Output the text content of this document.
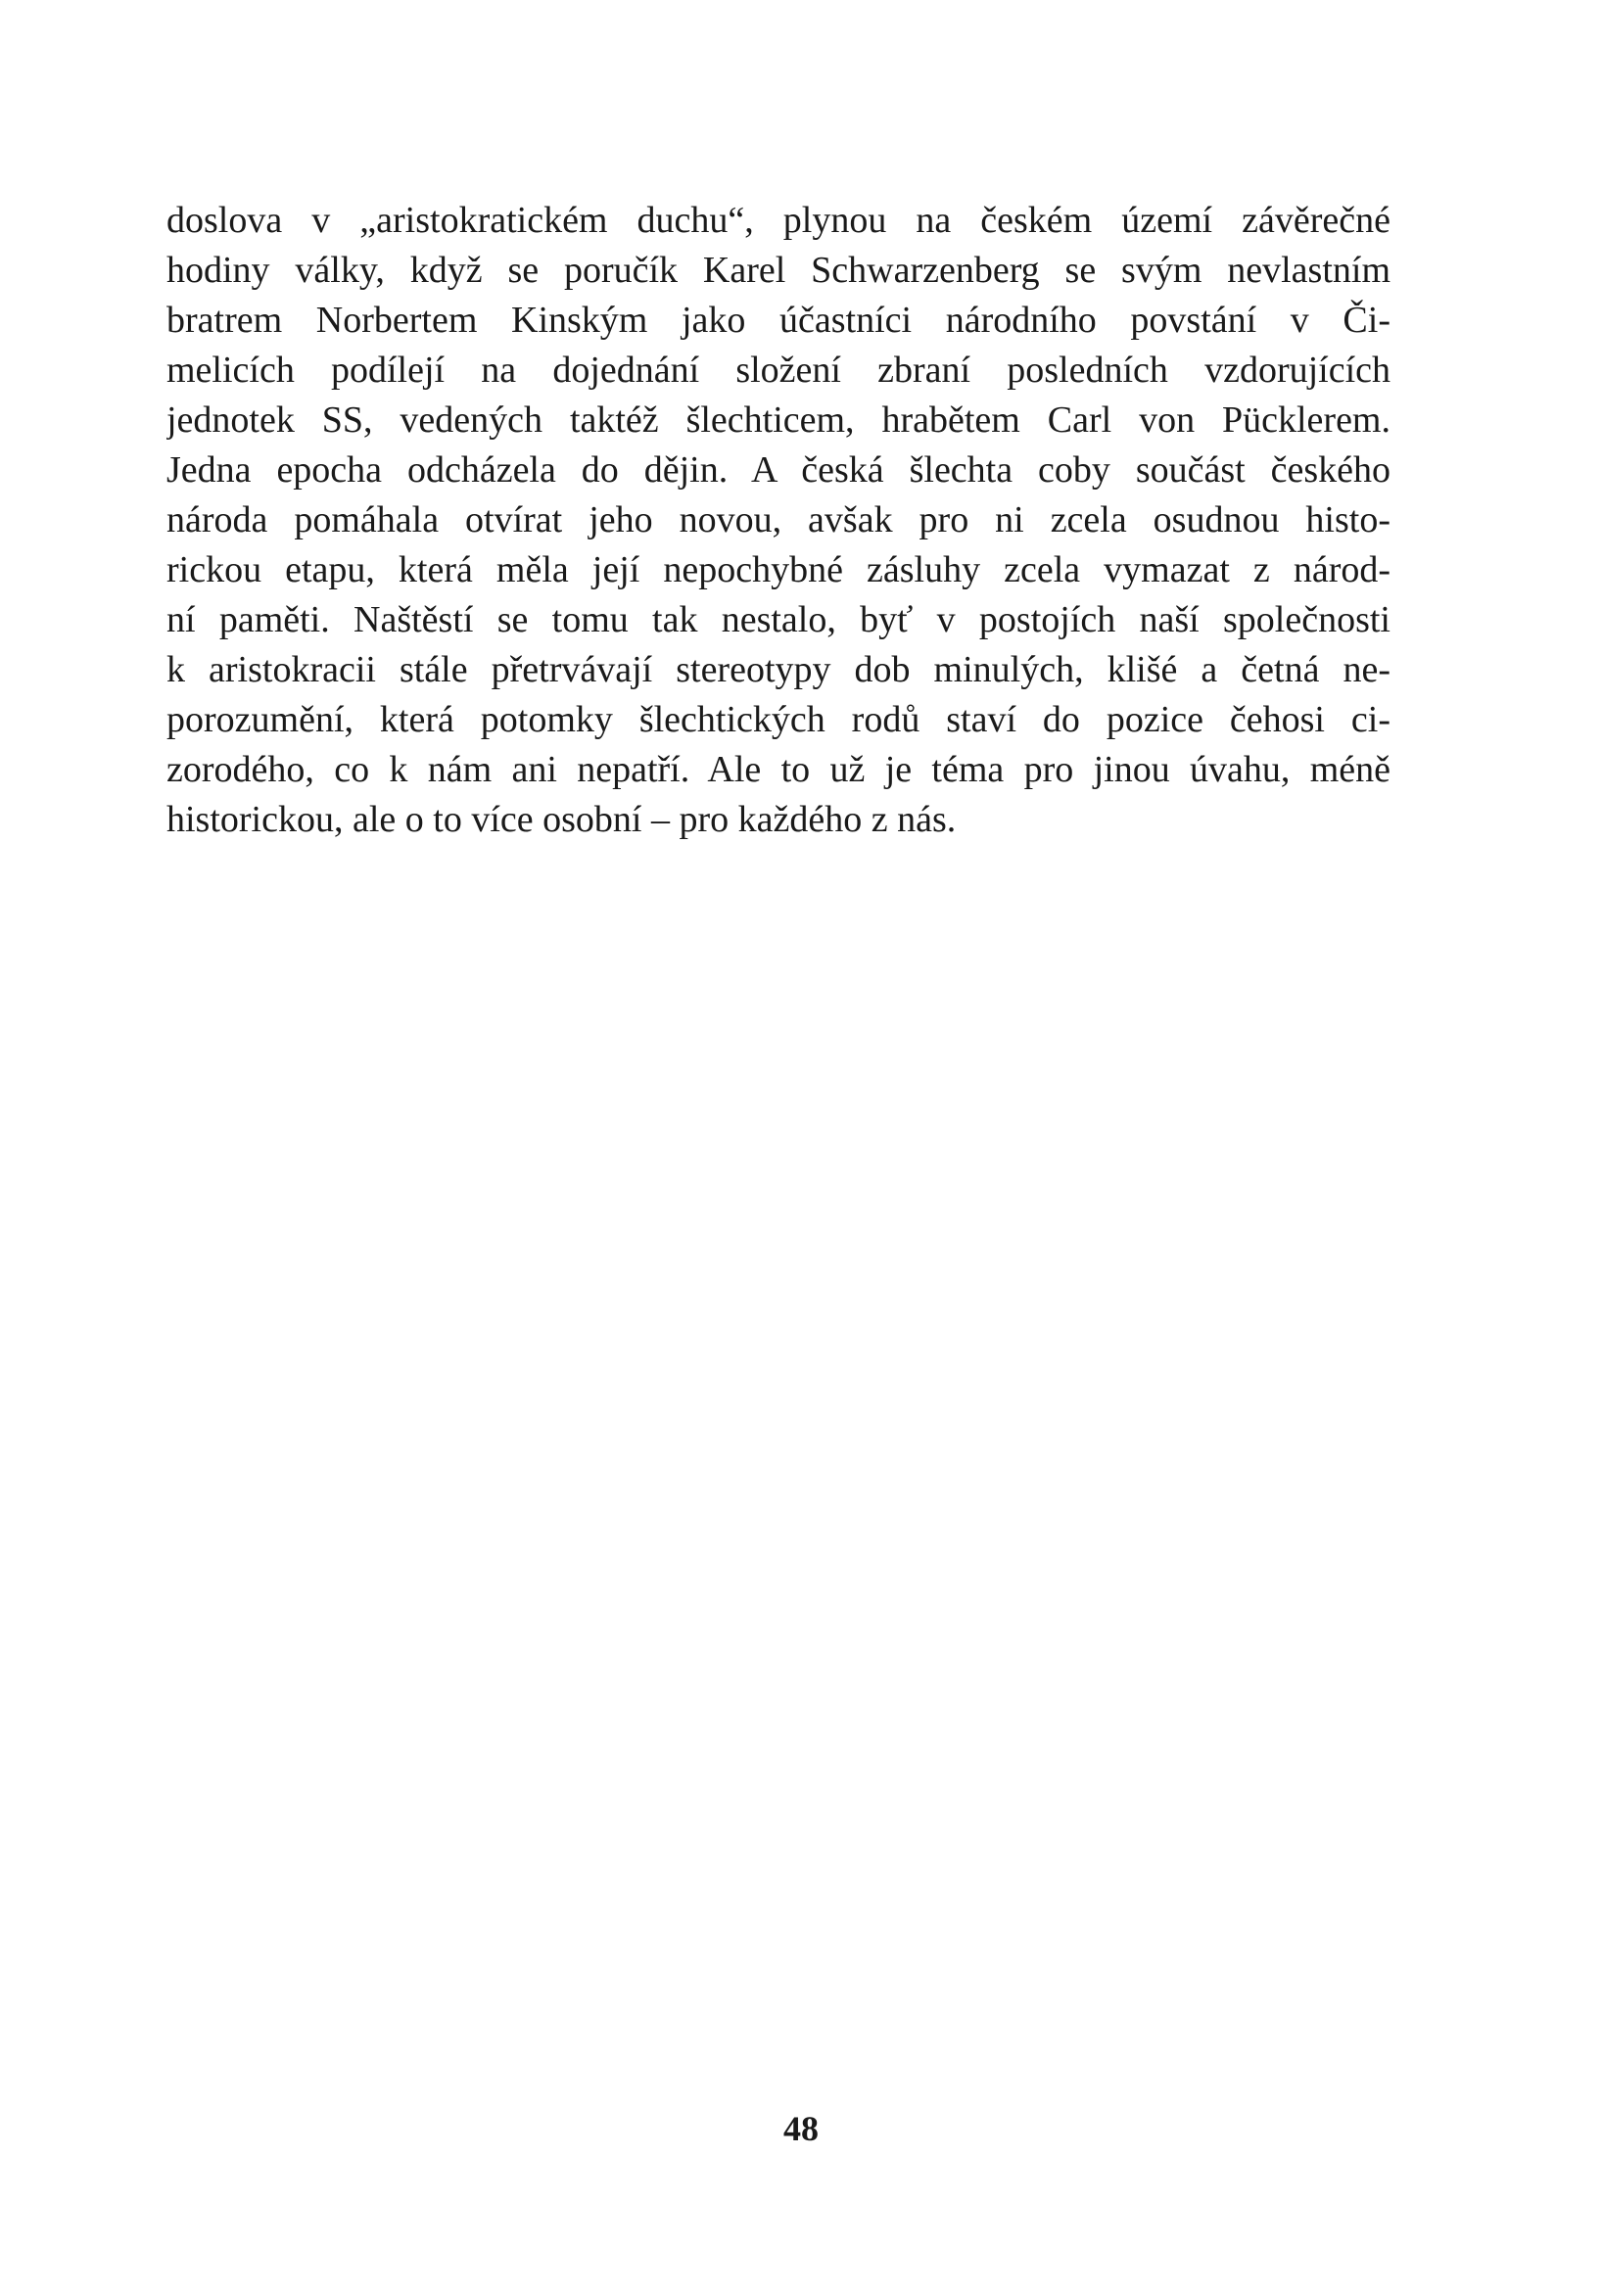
doslova v „aristokratickém duchu“, plynou na českém území závěrečné
hodiny války, když se poručík Karel Schwarzenberg se svým nevlastním
bratrem Norbertem Kinským jako účastníci národního povstání v Či-
melicích podílejí na dojednání složení zbraní posledních vzdorujících
jednotek SS, vedených taktéž šlechticem, hrabětem Carl von Pücklerem.
Jedna epocha odcházela do dějin. A česká šlechta coby součást českého
národa pomáhala otvírat jeho novou, avšak pro ni zcela osudnou histo-
rickou etapu, která měla její nepochybné zásluhy zcela vymazat z národ-
ní paměti. Naštěstí se tomu tak nestalo, byť v postojích naší společnosti
k aristokracii stále přetrvávají stereotypy dob minulých, klišé a četná ne-
porozumění, která potomky šlechtických rodů staví do pozice čehosi ci-
zorodého, co k nám ani nepatří. Ale to už je téma pro jinou úvahu, méně
historickou, ale o to více osobní – pro každého z nás.
48
